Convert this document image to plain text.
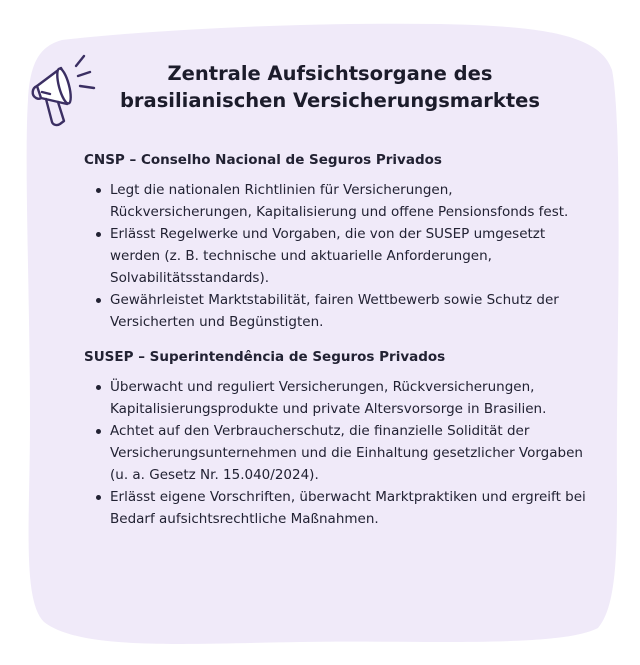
Zentrale Aufsichtsorgane des
brasilianischen Versicherungsmarktes
CNSP – Conselho Nacional de Seguros Privados
Legt die nationalen Richtlinien für Versicherungen, Rückversicherungen, Kapitalisierung und offene Pensionsfonds fest.
Erlässt Regelwerke und Vorgaben, die von der SUSEP umgesetzt werden (z. B. technische und aktuarielle Anforderungen, Solvabilitätsstandards).
Gewährleistet Marktstabilität, fairen Wettbewerb sowie Schutz der Versicherten und Begünstigten.
SUSEP – Superintendência de Seguros Privados
Überwacht und reguliert Versicherungen, Rückversicherungen, Kapitalisierungsprodukte und private Altersvorsorge in Brasilien.
Achtet auf den Verbraucherschutz, die finanzielle Solidität der Versicherungsunternehmen und die Einhaltung gesetzlicher Vorgaben (u. a. Gesetz Nr. 15.040/2024).
Erlässt eigene Vorschriften, überwacht Marktpraktiken und ergreift bei Bedarf aufsichtsrechtliche Maßnahmen.
